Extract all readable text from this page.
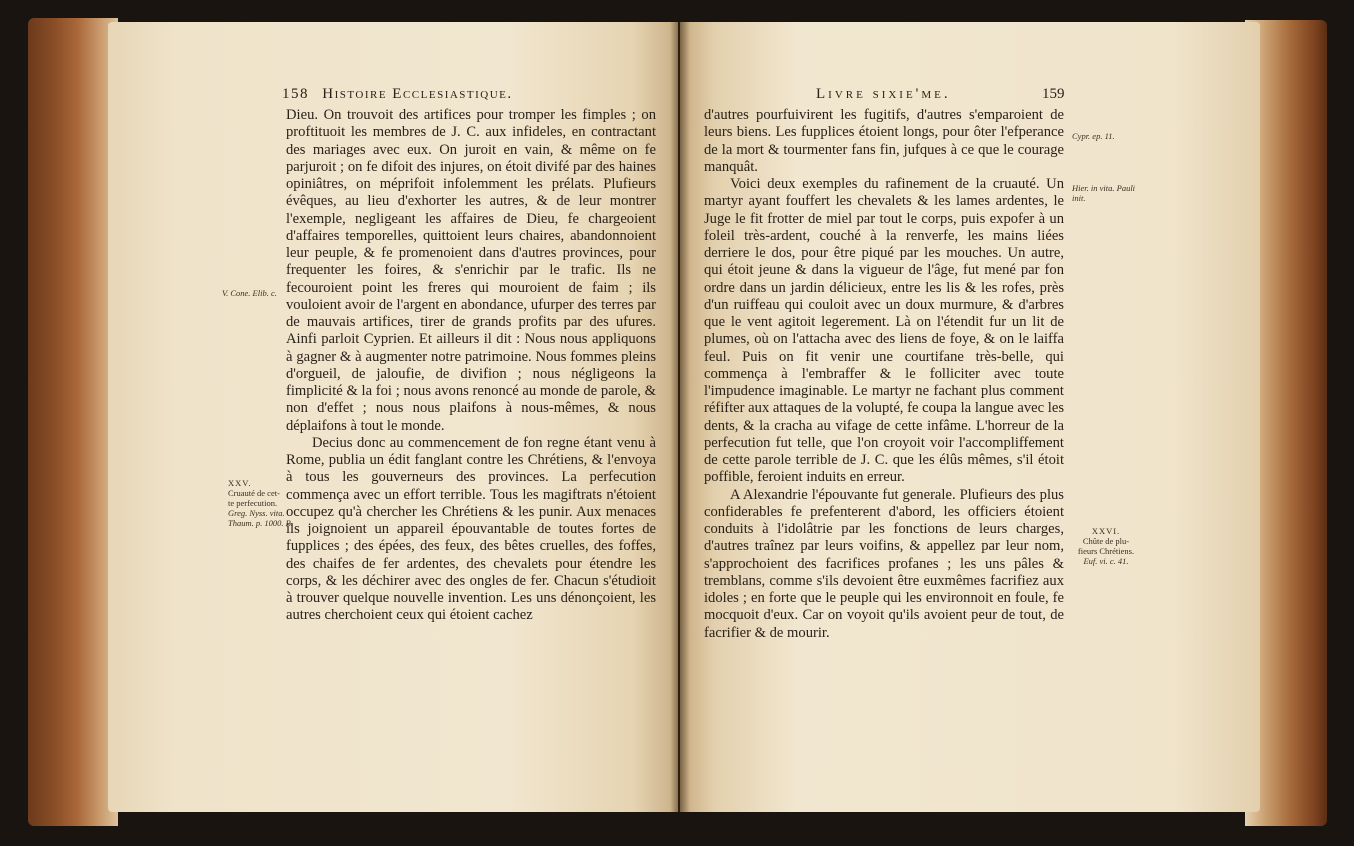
158 Histoire Ecclesiastique.
V. Cone. Elib. c.
XXV.
Cruauté de cet-
te perfecution.
Greg. Nyss. vita. Thaum. p. 1000. B.

Dieu. On trouvoit des artifices pour tromper les fimples ; on proftituoit les membres de J. C. aux infideles, en contractant des mariages avec eux. On juroit en vain, & même on fe parjuroit ; on fe difoit des injures, on étoit divifé par des haines opiniâtres, on méprifoit infolemment les prélats. Plufieurs évêques, au lieu d'exhorter les autres, & de leur montrer l'exemple, negligeant les affaires de Dieu, fe chargeoient d'affaires temporelles, quittoient leurs chaires, abandonnoient leur peuple, & fe promenoient dans d'autres provinces, pour frequenter les foires, & s'enrichir par le trafic. Ils ne fecouroient point les freres qui mouroient de faim ; ils vouloient avoir de l'argent en abondance, ufurper des terres par de mauvais artifices, tirer de grands profits par des ufures. Ainfi parloit Cyprien. Et ailleurs il dit : Nous nous appliquons à gagner & à augmenter notre patrimoine. Nous fommes pleins d'orgueil, de jaloufie, de divifion ; nous négligeons la fimplicité & la foi ; nous avons renoncé au monde de parole, & non d'effet ; nous nous plaifons à nous-mêmes, & nous déplaifons à tout le monde.

Decius donc au commencement de fon regne étant venu à Rome, publia un édit fanglant contre les Chrétiens, & l'envoya à tous les gouverneurs des provinces. La perfecution commença avec un effort terrible. Tous les magiftrats n'étoient occupez qu'à chercher les Chrétiens & les punir. Aux menaces ils joignoient un appareil épouvantable de toutes fortes de fupplices ; des épées, des feux, des bêtes cruelles, des foffes, des chaifes de fer ardentes, des chevalets pour étendre les corps, & les déchirer avec des ongles de fer. Chacun s'étudioit à trouver quelque nouvelle invention. Les uns dénonçoient, les autres cherchoient ceux qui étoient cachez

Livre sixie'me.	159
Cypr. ep. 11.
Hier. in vita. Pauli init.
XXVI.
Chûte de plu-
fieurs Chrétiens.
Euf. vi. c. 41.

d'autres pourfuivirent les fugitifs, d'autres s'emparoient de leurs biens. Les fupplices étoient longs, pour ôter l'efperance de la mort & tourmenter fans fin, jufques à ce que le courage manquât.

Voici deux exemples du rafinement de la cruauté. Un martyr ayant fouffert les chevalets & les lames ardentes, le Juge le fit frotter de miel par tout le corps, puis expofer à un foleil très-ardent, couché à la renverfe, les mains liées derriere le dos, pour être piqué par les mouches. Un autre, qui étoit jeune & dans la vigueur de l'âge, fut mené par fon ordre dans un jardin délicieux, entre les lis & les rofes, près d'un ruiffeau qui couloit avec un doux murmure, & d'arbres que le vent agitoit legerement. Là on l'étendit fur un lit de plumes, où on l'attacha avec des liens de foye, & on le laiffa feul. Puis on fit venir une courtifane très-belle, qui commença à l'embraffer & le folliciter avec toute l'impudence imaginable. Le martyr ne fachant plus comment réfifter aux attaques de la volupté, fe coupa la langue avec les dents, & la cracha au vifage de cette infâme. L'horreur de la perfecution fut telle, que l'on croyoit voir l'accompliffement de cette parole terrible de J. C. que les élûs mêmes, s'il étoit poffible, feroient induits en erreur.

A Alexandrie l'épouvante fut generale. Plufieurs des plus confiderables fe prefenterent d'abord, les officiers étoient conduits à l'idolâtrie par les fonctions de leurs charges, d'autres traînez par leurs voifins, & appellez par leur nom, s'approchoient des facrifices profanes ; les uns pâles & tremblans, comme s'ils devoient être euxmêmes facrifiez aux idoles ; en forte que le peuple qui les environnoit en foule, fe mocquoit d'eux. Car on voyoit qu'ils avoient peur de tout, de facrifier & de mourir.
